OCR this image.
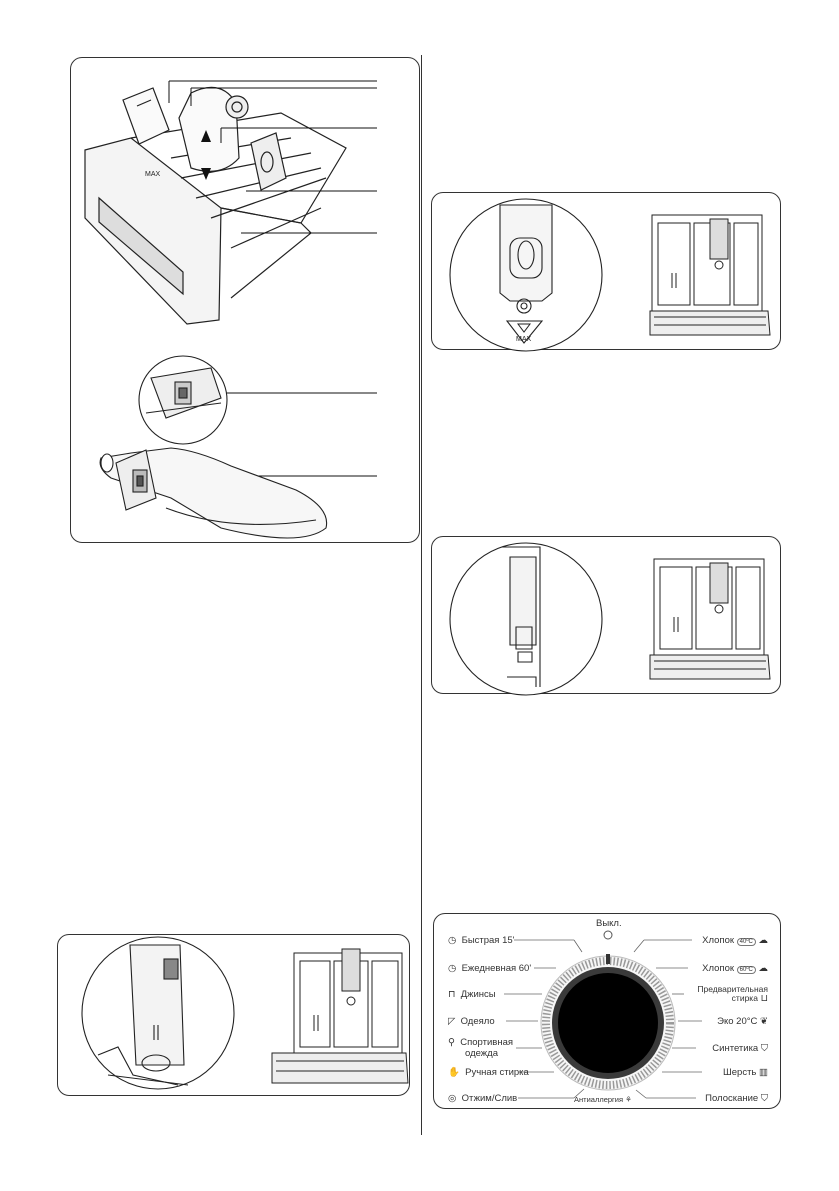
MAX
MAX
Выкл.
◷ Быстрая 15'
◷ Ежедневная 60'
⊓ Джинсы
◸ Одеяло
⚲ Спортивная
одежда
✋ Ручная стирка
◎ Отжим/Слив
Хлопок 40ºC ☁
Хлопок 60ºC ☁
Предварительная
стирка ⊔
Эко 20°С ❦
Синтетика ⛉
Шерсть ▥
Полоскание ⛉
Антиаллергия ⚘
